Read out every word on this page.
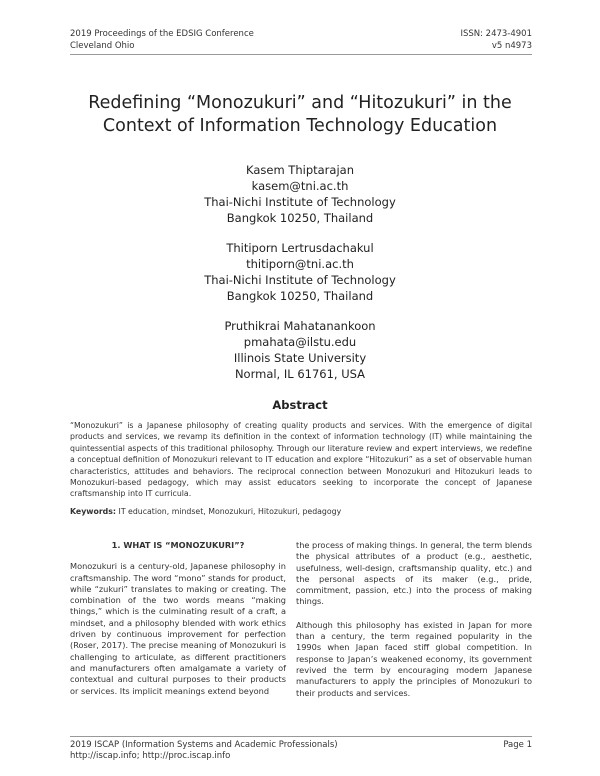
2019 Proceedings of the EDSIG Conference
Cleveland Ohio
ISSN: 2473-4901
v5 n4973
Redefining “Monozukuri” and “Hitozukuri” in the Context of Information Technology Education
Kasem Thiptarajan
kasem@tni.ac.th
Thai-Nichi Institute of Technology
Bangkok 10250, Thailand
Thitiporn Lertrusdachakul
thitiporn@tni.ac.th
Thai-Nichi Institute of Technology
Bangkok 10250, Thailand
Pruthikrai Mahatanankoon
pmahata@ilstu.edu
Illinois State University
Normal, IL 61761, USA
Abstract
“Monozukuri” is a Japanese philosophy of creating quality products and services. With the emergence of digital products and services, we revamp its definition in the context of information technology (IT) while maintaining the quintessential aspects of this traditional philosophy. Through our literature review and expert interviews, we redefine a conceptual definition of Monozukuri relevant to IT education and explore “Hitozukuri” as a set of observable human characteristics, attitudes and behaviors. The reciprocal connection between Monozukuri and Hitozukuri leads to Monozukuri-based pedagogy, which may assist educators seeking to incorporate the concept of Japanese craftsmanship into IT curricula.
Keywords: IT education, mindset, Monozukuri, Hitozukuri, pedagogy
1. WHAT IS “MONOZUKURI”?

Monozukuri is a century-old, Japanese philosophy in craftsmanship. The word “mono” stands for product, while “zukuri” translates to making or creating. The combination of the two words means “making things,” which is the culminating result of a craft, a mindset, and a philosophy blended with work ethics driven by continuous improvement for perfection (Roser, 2017). The precise meaning of Monozukuri is challenging to articulate, as different practitioners and manufacturers often amalgamate a variety of contextual and cultural purposes to their products or services. Its implicit meanings extend beyond

the process of making things. In general, the term blends the physical attributes of a product (e.g., aesthetic, usefulness, well-design, craftsmanship quality, etc.) and the personal aspects of its maker (e.g., pride, commitment, passion, etc.) into the process of making things.

Although this philosophy has existed in Japan for more than a century, the term regained popularity in the 1990s when Japan faced stiff global competition. In response to Japan’s weakened economy, its government revived the term by encouraging modern Japanese manufacturers to apply the principles of Monozukuri to their products and services.

2019 ISCAP (Information Systems and Academic Professionals)
http://iscap.info; http://proc.iscap.info
Page 1
